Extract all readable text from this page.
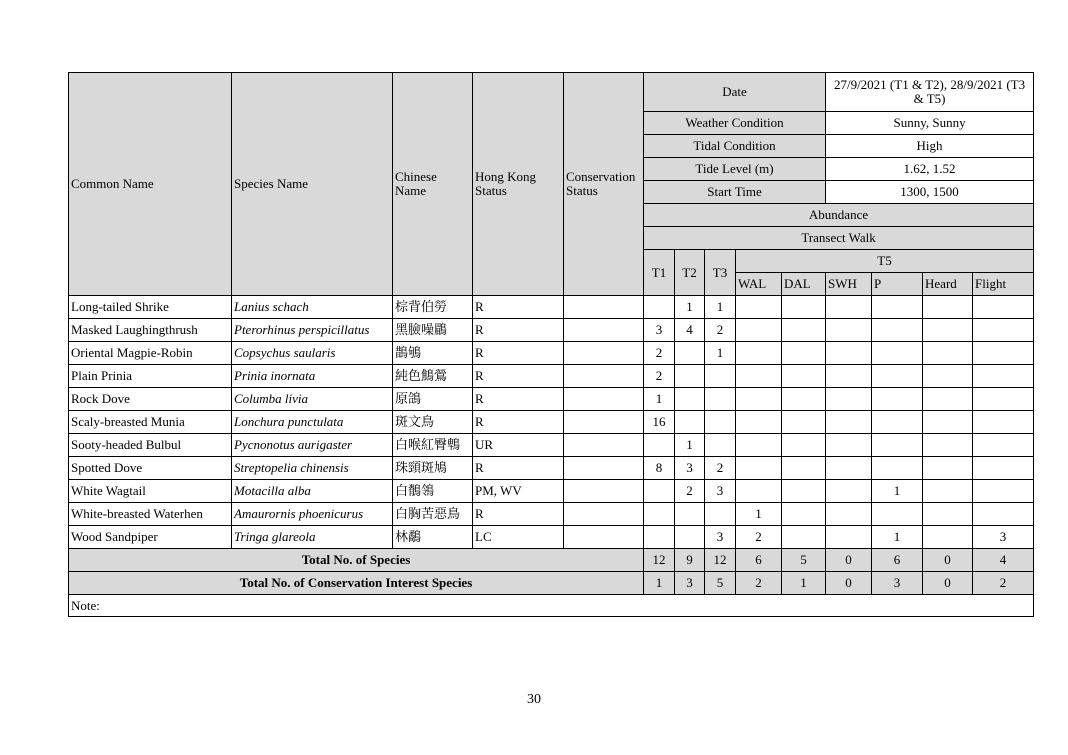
Common Name	Species Name	Chinese Name	Hong Kong Status	Conservation Status	Date					27/9/2021 (T1 & T2), 28/9/2021 (T3 & T5)			
					Weather Condition					Sunny, Sunny			
					Tidal Condition					High			
					Tide Level (m)					1.62, 1.52			
					Start Time					1300, 1500			
					Abundance								
					Transect Walk								
					T1	T2	T3	T5					
								WAL	DAL	SWH	P	Heard	Flight
Long-tailed Shrike	Lanius schach	棕背伯勞	R			1	1						
Masked Laughingthrush	Pterorhinus perspicillatus	黑臉噪鶥	R		3	4	2						
Oriental Magpie-Robin	Copsychus saularis	鵲鴝	R		2		1						
Plain Prinia	Prinia inornata	純色鷦鶯	R		2								
Rock Dove	Columba livia	原鴿	R		1								
Scaly-breasted Munia	Lonchura punctulata	斑文鳥	R		16								
Sooty-headed Bulbul	Pycnonotus aurigaster	白喉紅臀鵯	UR			1							
Spotted Dove	Streptopelia chinensis	珠頸斑鳩	R		8	3	2						
White Wagtail	Motacilla alba	白鶺鴒	PM, WV			2	3				1		
White-breasted Waterhen	Amaurornis phoenicurus	白胸苦惡鳥	R					1					
Wood Sandpiper	Tringa glareola	林鷸	LC				3	2			1		3
Total No. of Species					12	9	12	6	5	0	6	0	4
Total No. of Conservation Interest Species					1	3	5	2	1	0	3	0	2
Note:													
30
